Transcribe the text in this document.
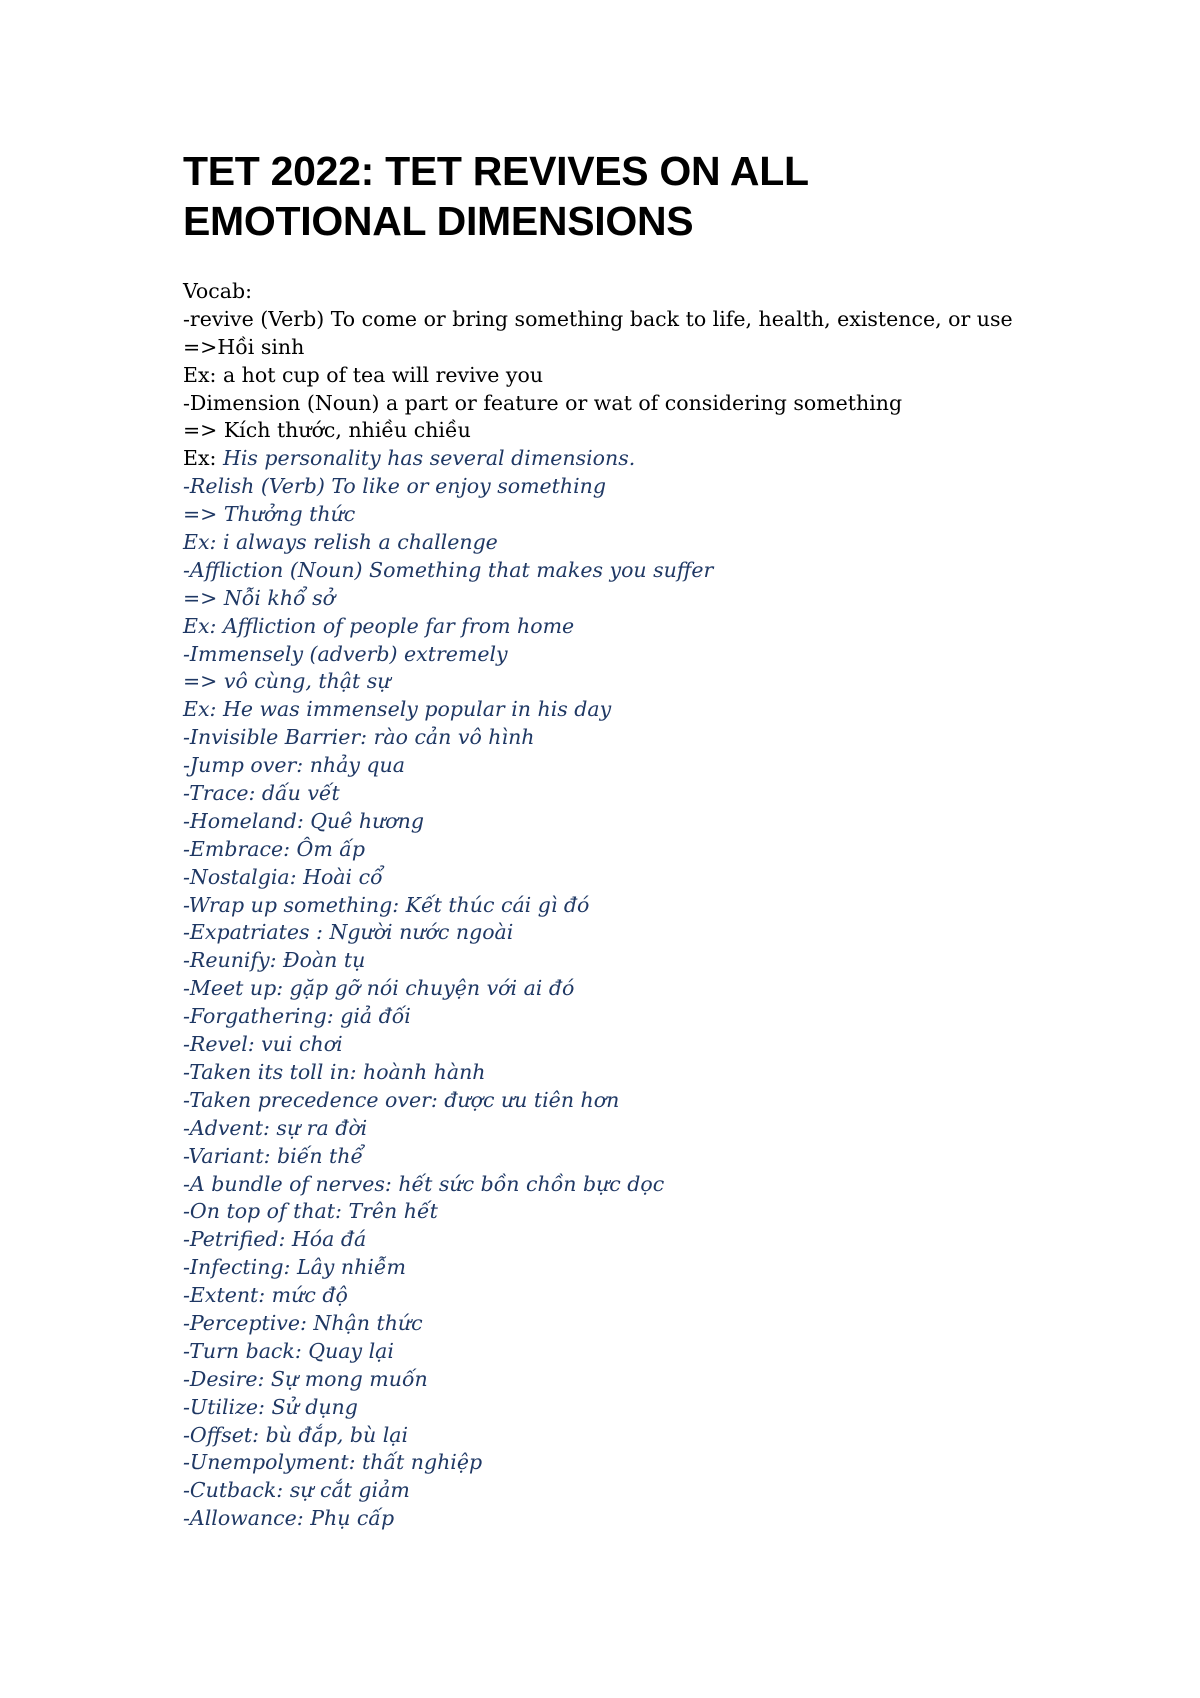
TET 2022: TET REVIVES ON ALL
EMOTIONAL DIMENSIONS
Vocab:
-revive (Verb) To come or bring something back to life, health, existence, or use
=>Hồi sinh
Ex: a hot cup of tea will revive you
-Dimension (Noun) a part or feature or wat of considering something
=> Kích thước, nhiều chiều
Ex: His personality has several dimensions.
-Relish (Verb) To like or enjoy something
=> Thưởng thức
Ex: i always relish a challenge
-Affliction (Noun) Something that makes you suffer
=> Nỗi khổ sở
Ex: Affliction of people far from home
-Immensely (adverb) extremely
=> vô cùng, thật sự
Ex: He was immensely popular in his day
-Invisible Barrier: rào cản vô hình
-Jump over: nhảy qua
-Trace: dấu vết
-Homeland: Quê hương
-Embrace: Ôm ấp
-Nostalgia: Hoài cổ
-Wrap up something: Kết thúc cái gì đó
-Expatriates : Người nước ngoài
-Reunify: Đoàn tụ
-Meet up: gặp gỡ nói chuyện với ai đó
-Forgathering: giả đối
-Revel: vui chơi
-Taken its toll in: hoành hành
-Taken precedence over: được ưu tiên hơn
-Advent: sự ra đời
-Variant: biến thể
-A bundle of nerves: hết sức bồn chồn bực dọc
-On top of that: Trên hết
-Petrified: Hóa đá
-Infecting: Lây nhiễm
-Extent: mức độ
-Perceptive: Nhận thức
-Turn back: Quay lại
-Desire: Sự mong muốn
-Utilize: Sử dụng
-Offset: bù đắp, bù lại
-Unempolyment: thất nghiệp
-Cutback: sự cắt giảm
-Allowance: Phụ cấp
